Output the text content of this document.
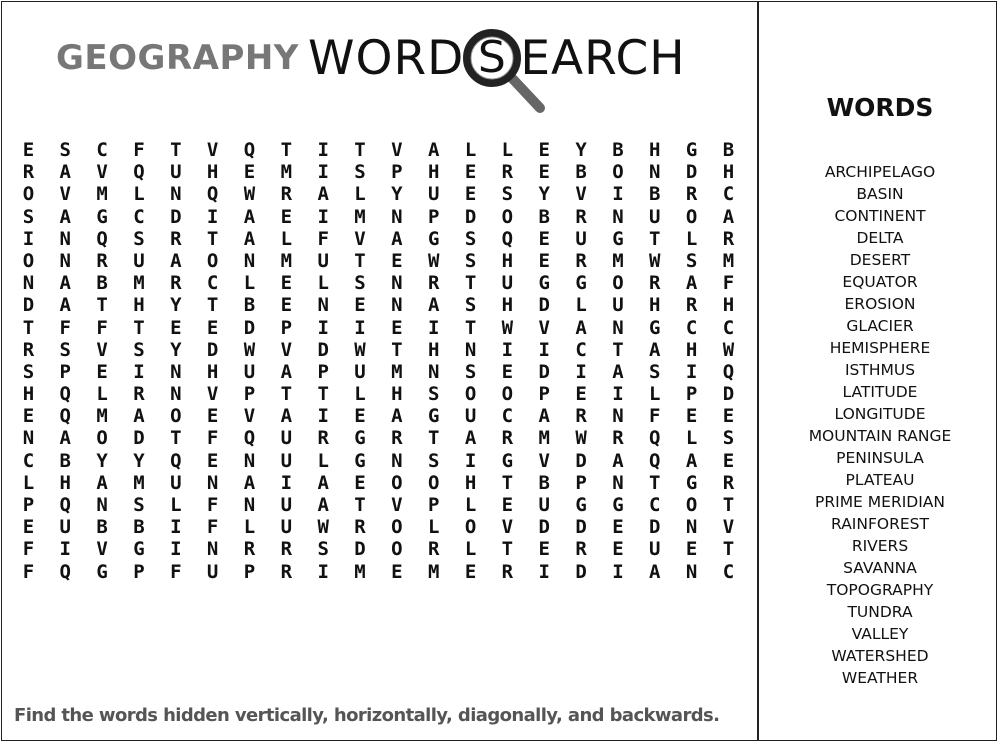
GEOGRAPHY WORD S EARCH
E	S	C	F	T	V	Q	T	I	T	V	A	L	L	E	Y	B	H	G	B
R	A	V	Q	U	H	E	M	I	S	P	H	E	R	E	B	O	N	D	H
O	V	M	L	N	Q	W	R	A	L	Y	U	E	S	Y	V	I	B	R	C
S	A	G	C	D	I	A	E	I	M	N	P	D	O	B	R	N	U	O	A
I	N	Q	S	R	T	A	L	F	V	A	G	S	Q	E	U	G	T	L	R
O	N	R	U	A	O	N	M	U	T	E	W	S	H	E	R	M	W	S	M
N	A	B	M	R	C	L	E	L	S	N	R	T	U	G	G	O	R	A	F
D	A	T	H	Y	T	B	E	N	E	N	A	S	H	D	L	U	H	R	H
T	F	F	T	E	E	D	P	I	I	E	I	T	W	V	A	N	G	C	C
R	S	V	S	Y	D	W	V	D	W	T	H	N	I	I	C	T	A	H	W
S	P	E	I	N	H	U	A	P	U	M	N	S	E	D	I	A	S	I	Q
H	Q	L	R	N	V	P	T	T	L	H	S	O	O	P	E	I	L	P	D
E	Q	M	A	O	E	V	A	I	E	A	G	U	C	A	R	N	F	E	E
N	A	O	D	T	F	Q	U	R	G	R	T	A	R	M	W	R	Q	L	S
C	B	Y	Y	Q	E	N	U	L	G	N	S	I	G	V	D	A	Q	A	E
L	H	A	M	U	N	A	I	A	E	O	O	H	T	B	P	N	T	G	R
P	Q	N	S	L	F	N	U	A	T	V	P	L	E	U	G	G	C	O	T
E	U	B	B	I	F	L	U	W	R	O	L	O	V	D	D	E	D	N	V
F	I	V	G	I	N	R	R	S	D	O	R	L	T	E	R	E	U	E	T
F	Q	G	P	F	U	P	R	I	M	E	M	E	R	I	D	I	A	N	C
Find the words hidden vertically, horizontally, diagonally, and backwards.
WORDS
ARCHIPELAGO
BASIN
CONTINENT
DELTA
DESERT
EQUATOR
EROSION
GLACIER
HEMISPHERE
ISTHMUS
LATITUDE
LONGITUDE
MOUNTAIN RANGE
PENINSULA
PLATEAU
PRIME MERIDIAN
RAINFOREST
RIVERS
SAVANNA
TOPOGRAPHY
TUNDRA
VALLEY
WATERSHED
WEATHER
